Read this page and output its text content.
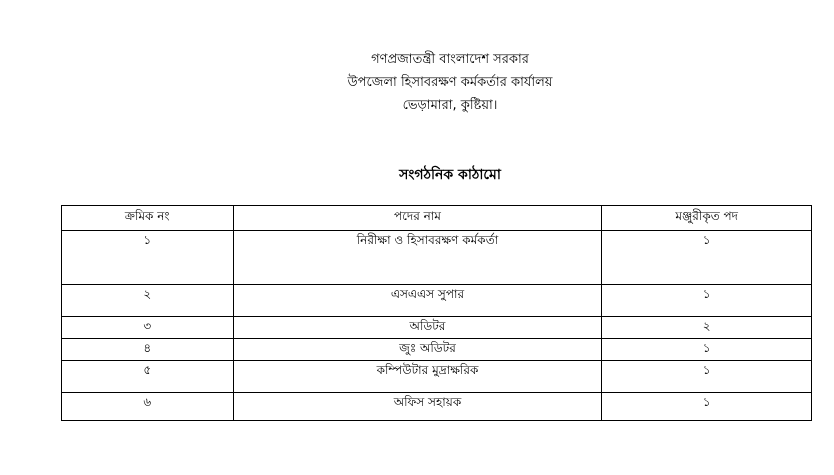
গণপ্রজাতন্ত্রী বাংলাদেশ সরকার
উপজেলা হিসাবরক্ষণ কর্মকর্তার কার্যালয়
ভেড়ামারা, কুষ্টিয়া।
সংগঠনিক কাঠামো
ক্রমিক নং	পদের নাম	মঞ্জুরীকৃত পদ
১	নিরীক্ষা ও হিসাবরক্ষণ কর্মকর্তা	১
২	এসএএস সুপার	১
৩	অডিটর	২
৪	জুঃ অডিটর	১
৫	কম্পিউটার মুদ্রাক্ষরিক	১
৬	অফিস সহায়ক	১
